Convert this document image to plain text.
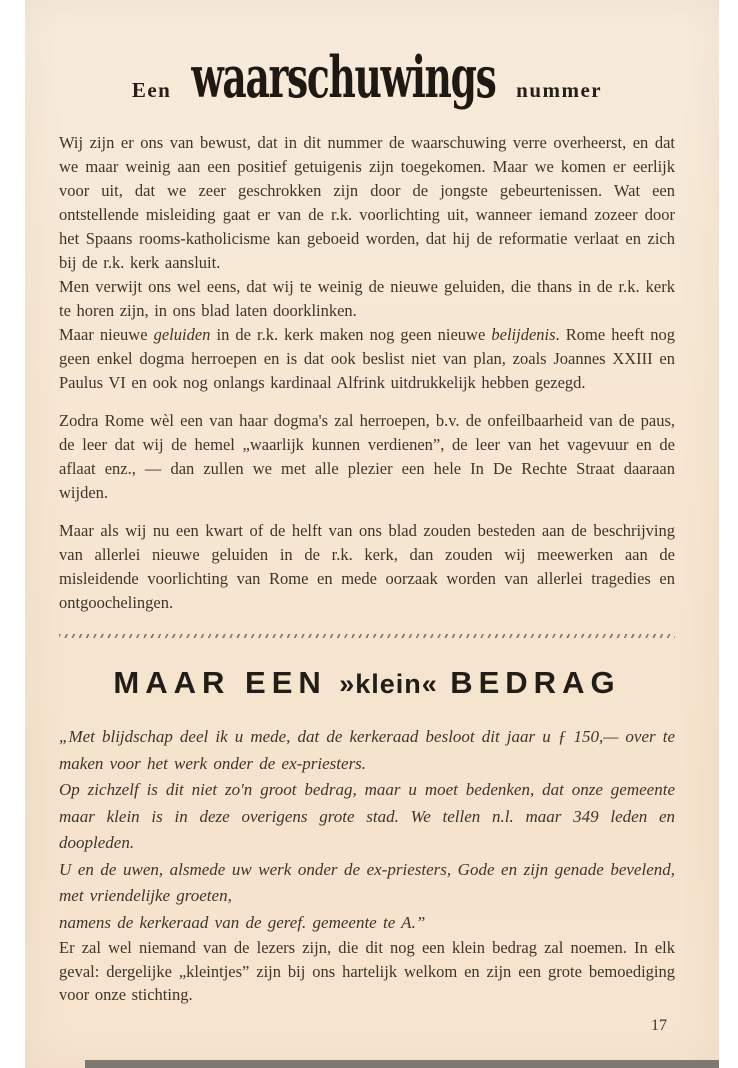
Een waarschuwings nummer

Wij zijn er ons van bewust, dat in dit nummer de waarschuwing verre overheerst, en dat we maar weinig aan een positief getuigenis zijn toegekomen. Maar we komen er eerlijk voor uit, dat we zeer geschrokken zijn door de jongste gebeurtenissen. Wat een ontstellende misleiding gaat er van de r.k. voorlichting uit, wanneer iemand zozeer door het Spaans rooms-katholicisme kan geboeid worden, dat hij de reformatie verlaat en zich bij de r.k. kerk aansluit.

Men verwijt ons wel eens, dat wij te weinig de nieuwe geluiden, die thans in de r.k. kerk te horen zijn, in ons blad laten doorklinken.

Maar nieuwe geluiden in de r.k. kerk maken nog geen nieuwe belijdenis. Rome heeft nog geen enkel dogma herroepen en is dat ook beslist niet van plan, zoals Joannes XXIII en Paulus VI en ook nog onlangs kardinaal Alfrink uitdrukkelijk hebben gezegd.

Zodra Rome wèl een van haar dogma's zal herroepen, b.v. de onfeilbaarheid van de paus, de leer dat wij de hemel „waarlijk kunnen verdienen”, de leer van het vagevuur en de aflaat enz., — dan zullen we met alle plezier een hele In De Rechte Straat daaraan wijden.

Maar als wij nu een kwart of de helft van ons blad zouden besteden aan de beschrijving van allerlei nieuwe geluiden in de r.k. kerk, dan zouden wij meewerken aan de misleidende voorlichting van Rome en mede oorzaak worden van allerlei tragedies en ontgoochelingen.

MAAR EEN »klein« BEDRAG

„Met blijdschap deel ik u mede, dat de kerkeraad besloot dit jaar u ƒ 150,— over te maken voor het werk onder de ex-priesters.

Op zichzelf is dit niet zo'n groot bedrag, maar u moet bedenken, dat onze gemeente maar klein is in deze overigens grote stad. We tellen n.l. maar 349 leden en doopleden.

U en de uwen, alsmede uw werk onder de ex-priesters, Gode en zijn genade bevelend, met vriendelijke groeten,

namens de kerkeraad van de geref. gemeente te A.”

Er zal wel niemand van de lezers zijn, die dit nog een klein bedrag zal noemen. In elk geval: dergelijke „kleintjes” zijn bij ons hartelijk welkom en zijn een grote bemoediging voor onze stichting.

17
